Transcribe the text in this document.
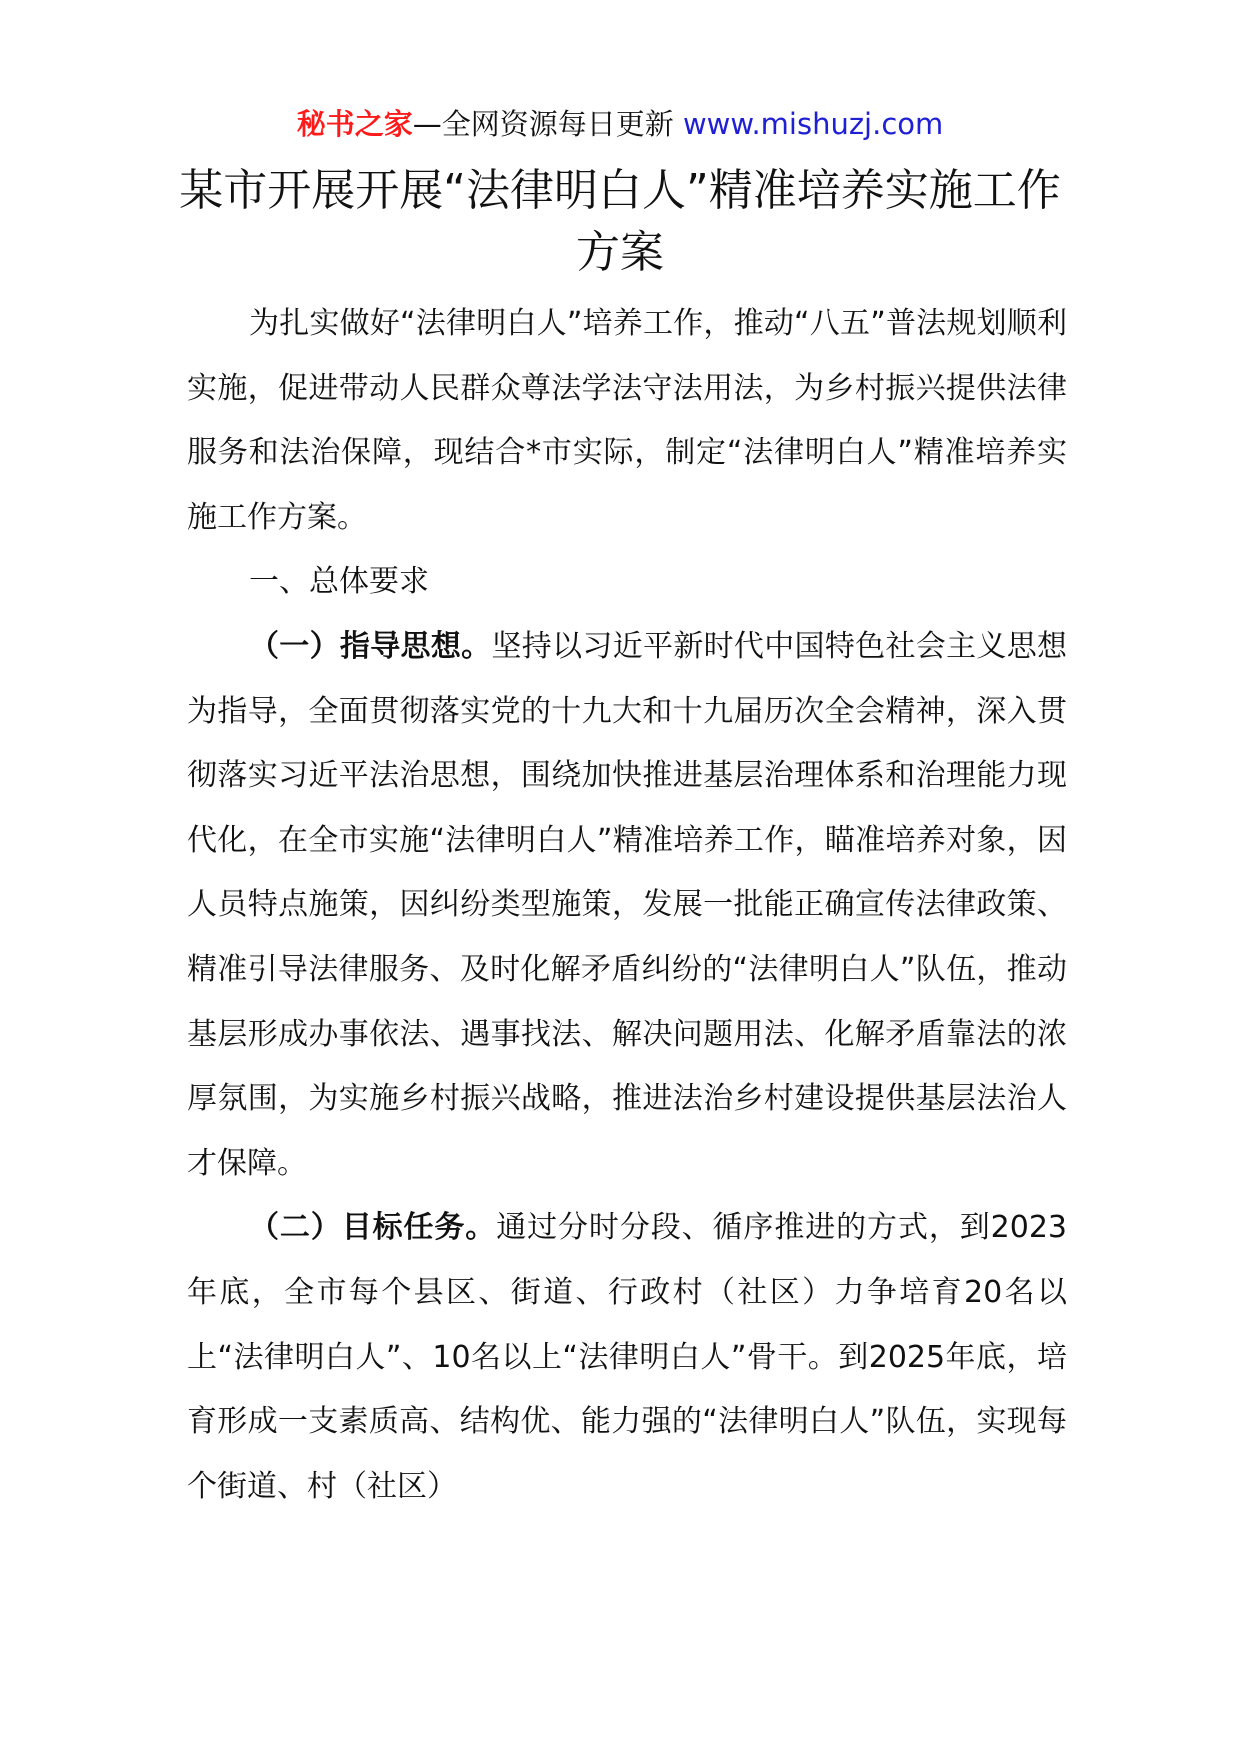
秘书之家—全网资源每日更新 www.mishuzj.com
某市开展开展“法律明白人”精准培养实施工作方案

为扎实做好“法律明白人”培养工作，推动“八五”普法规划顺利实施，促进带动人民群众尊法学法守法用法，为乡村振兴提供法律服务和法治保障，现结合*市实际，制定“法律明白人”精准培养实施工作方案。

一、总体要求

（一）指导思想。坚持以习近平新时代中国特色社会主义思想为指导，全面贯彻落实党的十九大和十九届历次全会精神，深入贯彻落实习近平法治思想，围绕加快推进基层治理体系和治理能力现代化，在全市实施“法律明白人”精准培养工作，瞄准培养对象，因人员特点施策，因纠纷类型施策，发展一批能正确宣传法律政策、精准引导法律服务、及时化解矛盾纠纷的“法律明白人”队伍，推动基层形成办事依法、遇事找法、解决问题用法、化解矛盾靠法的浓厚氛围，为实施乡村振兴战略，推进法治乡村建设提供基层法治人才保障。

（二）目标任务。通过分时分段、循序推进的方式，到2023年底，全市每个县区、街道、行政村（社区）力争培育20名以上“法律明白人”、10名以上“法律明白人”骨干。到2025年底，培育形成一支素质高、结构优、能力强的“法律明白人”队伍，实现每个街道、村（社区）
